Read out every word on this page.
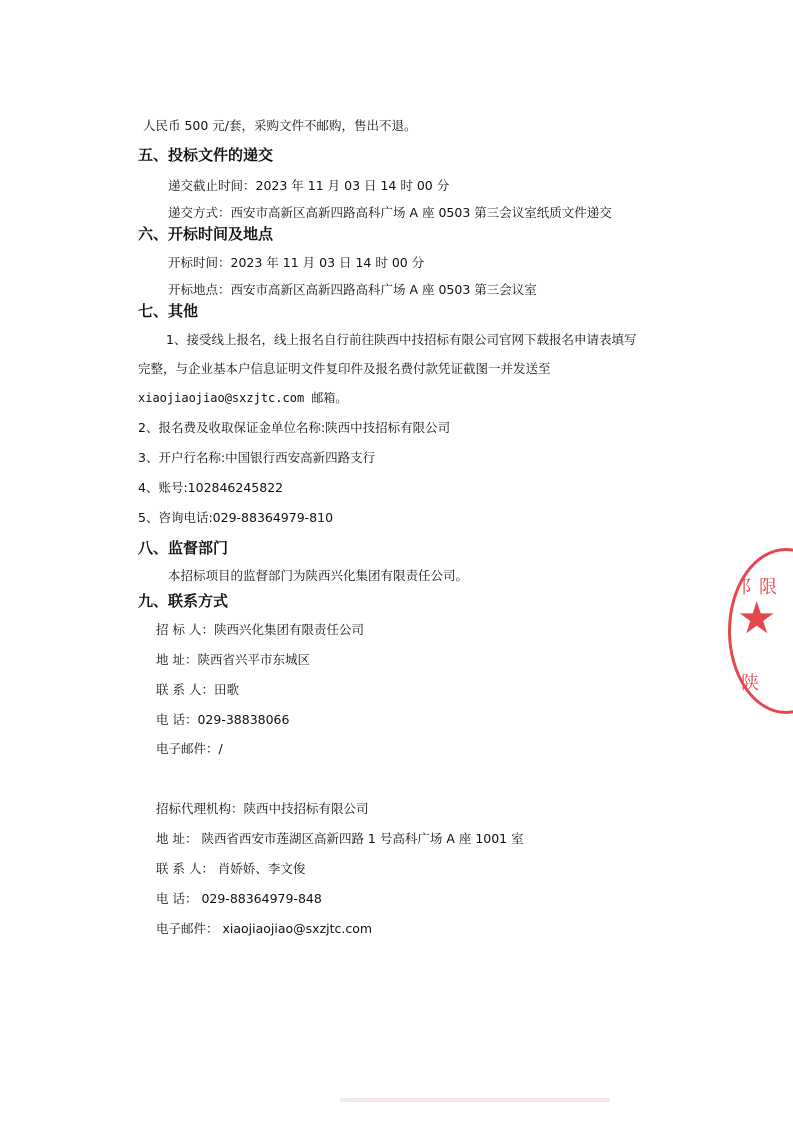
人民币 500 元/套，采购文件不邮购，售出不退。
五、投标文件的递交
递交截止时间：2023 年 11 月 03 日 14 时 00 分
递交方式：西安市高新区高新四路高科广场 A 座 0503 第三会议室纸质文件递交
六、开标时间及地点
开标时间：2023 年 11 月 03 日 14 时 00 分
开标地点：西安市高新区高新四路高科广场 A 座 0503 第三会议室
七、其他
1、接受线上报名，线上报名自行前往陕西中技招标有限公司官网下载报名申请表填写
完整，与企业基本户信息证明文件复印件及报名费付款凭证截图一并发送至
xiaojiaojiao@sxzjtc.com 邮箱。
2、报名费及收取保证金单位名称:陕西中技招标有限公司
3、开户行名称:中国银行西安高新四路支行
4、账号:102846245822
5、咨询电话:029-88364979-810
八、监督部门
本招标项目的监督部门为陕西兴化集团有限责任公司。
九、联系方式
招 标 人：陕西兴化集团有限责任公司
地 址：陕西省兴平市东城区
联 系 人：田歌
电 话：029-38838066
电子邮件：/
招标代理机构：陕西中技招标有限公司
地 址： 陕西省西安市莲湖区高新四路 1 号高科广场 A 座 1001 室
联 系 人： 肖娇娇、李文俊
电 话： 029-88364979-848
电子邮件： xiaojiaojiao@sxzjtc.com
阝限
★
陕
